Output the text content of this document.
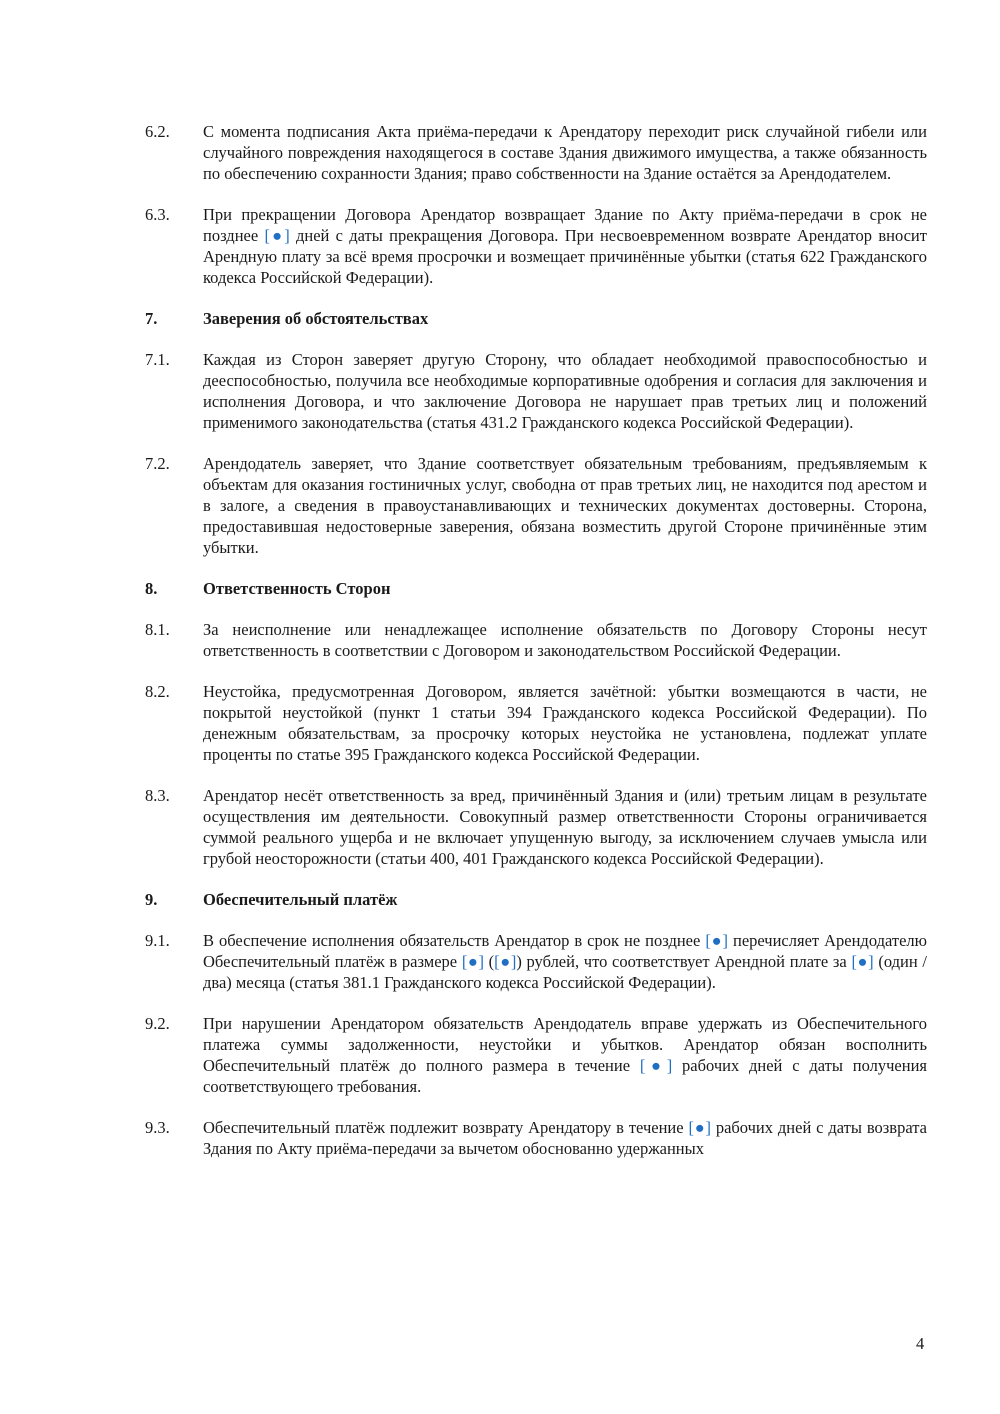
6.2.	С момента подписания Акта приёма-передачи к Арендатору переходит риск случайной гибели или случайного повреждения находящегося в составе Здания движимого имущества, а также обязанность по обеспечению сохранности Здания; право собственности на Здание остаётся за Арендодателем.
6.3.	При прекращении Договора Арендатор возвращает Здание по Акту приёма-передачи в срок не позднее [●] дней с даты прекращения Договора. При несвоевременном возврате Арендатор вносит Арендную плату за всё время просрочки и возмещает причинённые убытки (статья 622 Гражданского кодекса Российской Федерации).
7.	Заверения об обстоятельствах
7.1.	Каждая из Сторон заверяет другую Сторону, что обладает необходимой правоспособностью и дееспособностью, получила все необходимые корпоративные одобрения и согласия для заключения и исполнения Договора, и что заключение Договора не нарушает прав третьих лиц и положений применимого законодательства (статья 431.2 Гражданского кодекса Российской Федерации).
7.2.	Арендодатель заверяет, что Здание соответствует обязательным требованиям, предъявляемым к объектам для оказания гостиничных услуг, свободна от прав третьих лиц, не находится под арестом и в залоге, а сведения в правоустанавливающих и технических документах достоверны. Сторона, предоставившая недостоверные заверения, обязана возместить другой Стороне причинённые этим убытки.
8.	Ответственность Сторон
8.1.	За неисполнение или ненадлежащее исполнение обязательств по Договору Стороны несут ответственность в соответствии с Договором и законодательством Российской Федерации.
8.2.	Неустойка, предусмотренная Договором, является зачётной: убытки возмещаются в части, не покрытой неустойкой (пункт 1 статьи 394 Гражданского кодекса Российской Федерации). По денежным обязательствам, за просрочку которых неустойка не установлена, подлежат уплате проценты по статье 395 Гражданского кодекса Российской Федерации.
8.3.	Арендатор несёт ответственность за вред, причинённый Здания и (или) третьим лицам в результате осуществления им деятельности. Совокупный размер ответственности Стороны ограничивается суммой реального ущерба и не включает упущенную выгоду, за исключением случаев умысла или грубой неосторожности (статьи 400, 401 Гражданского кодекса Российской Федерации).
9.	Обеспечительный платёж
9.1.	В обеспечение исполнения обязательств Арендатор в срок не позднее [●] перечисляет Арендодателю Обеспечительный платёж в размере [●] ([●]) рублей, что соответствует Арендной плате за [●] (один / два) месяца (статья 381.1 Гражданского кодекса Российской Федерации).
9.2.	При нарушении Арендатором обязательств Арендодатель вправе удержать из Обеспечительного платежа суммы задолженности, неустойки и убытков. Арендатор обязан восполнить Обеспечительный платёж до полного размера в течение [●] рабочих дней с даты получения соответствующего требования.
9.3.	Обеспечительный платёж подлежит возврату Арендатору в течение [●] рабочих дней с даты возврата Здания по Акту приёма-передачи за вычетом обоснованно удержанных
4
